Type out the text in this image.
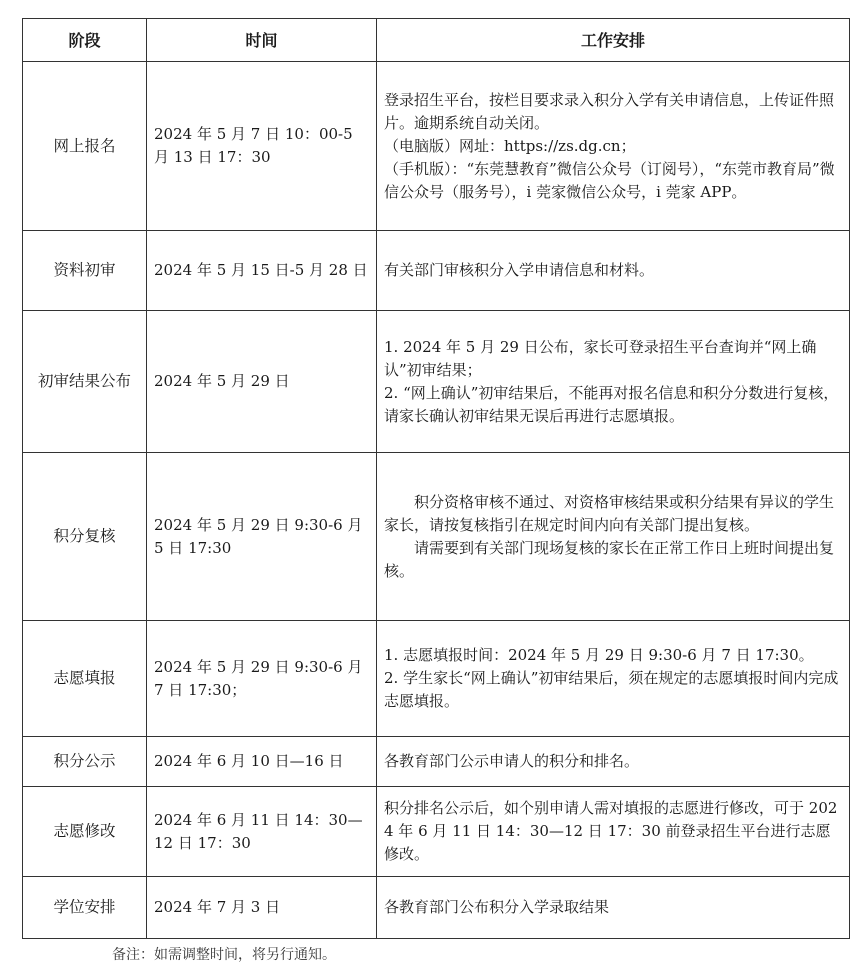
阶段	时间	工作安排
网上报名	2024 年 5 月 7 日 10：00-5 月 13 日 17：30	登录招生平台，按栏目要求录入积分入学有关申请信息，上传证件照片。逾期系统自动关闭。
（电脑版）网址：https://zs.dg.cn；
（手机版）：“东莞慧教育”微信公众号（订阅号），“东莞市教育局”微信公众号（服务号），i 莞家微信公众号，i 莞家 APP。

资料初审	2024 年 5 月 15 日-5 月 28 日	有关部门审核积分入学申请信息和材料。

初审结果公布	2024 年 5 月 29 日	1. 2024 年 5 月 29 日公布，家长可登录招生平台查询并“网上确认”初审结果；
2. “网上确认”初审结果后，不能再对报名信息和积分分数进行复核，请家长确认初审结果无误后再进行志愿填报。

积分复核	2024 年 5 月 29 日 9:30-6 月 5 日 17:30	积分资格审核不通过、对资格审核结果或积分结果有异议的学生家长，请按复核指引在规定时间内向有关部门提出复核。
请需要到有关部门现场复核的家长在正常工作日上班时间提出复核。

志愿填报	2024 年 5 月 29 日 9:30-6 月 7 日 17:30；	1. 志愿填报时间：2024 年 5 月 29 日 9:30-6 月 7 日 17:30。
2. 学生家长“网上确认”初审结果后，须在规定的志愿填报时间内完成志愿填报。

积分公示	2024 年 6 月 10 日—16 日	各教育部门公示申请人的积分和排名。

志愿修改	2024 年 6 月 11 日 14：30—12 日 17：30	积分排名公示后，如个别申请人需对填报的志愿进行修改，可于 2024 年 6 月 11 日 14：30—12 日 17：30 前登录招生平台进行志愿修改。

学位安排	2024 年 7 月 3 日	各教育部门公布积分入学录取结果
备注：如需调整时间，将另行通知。
